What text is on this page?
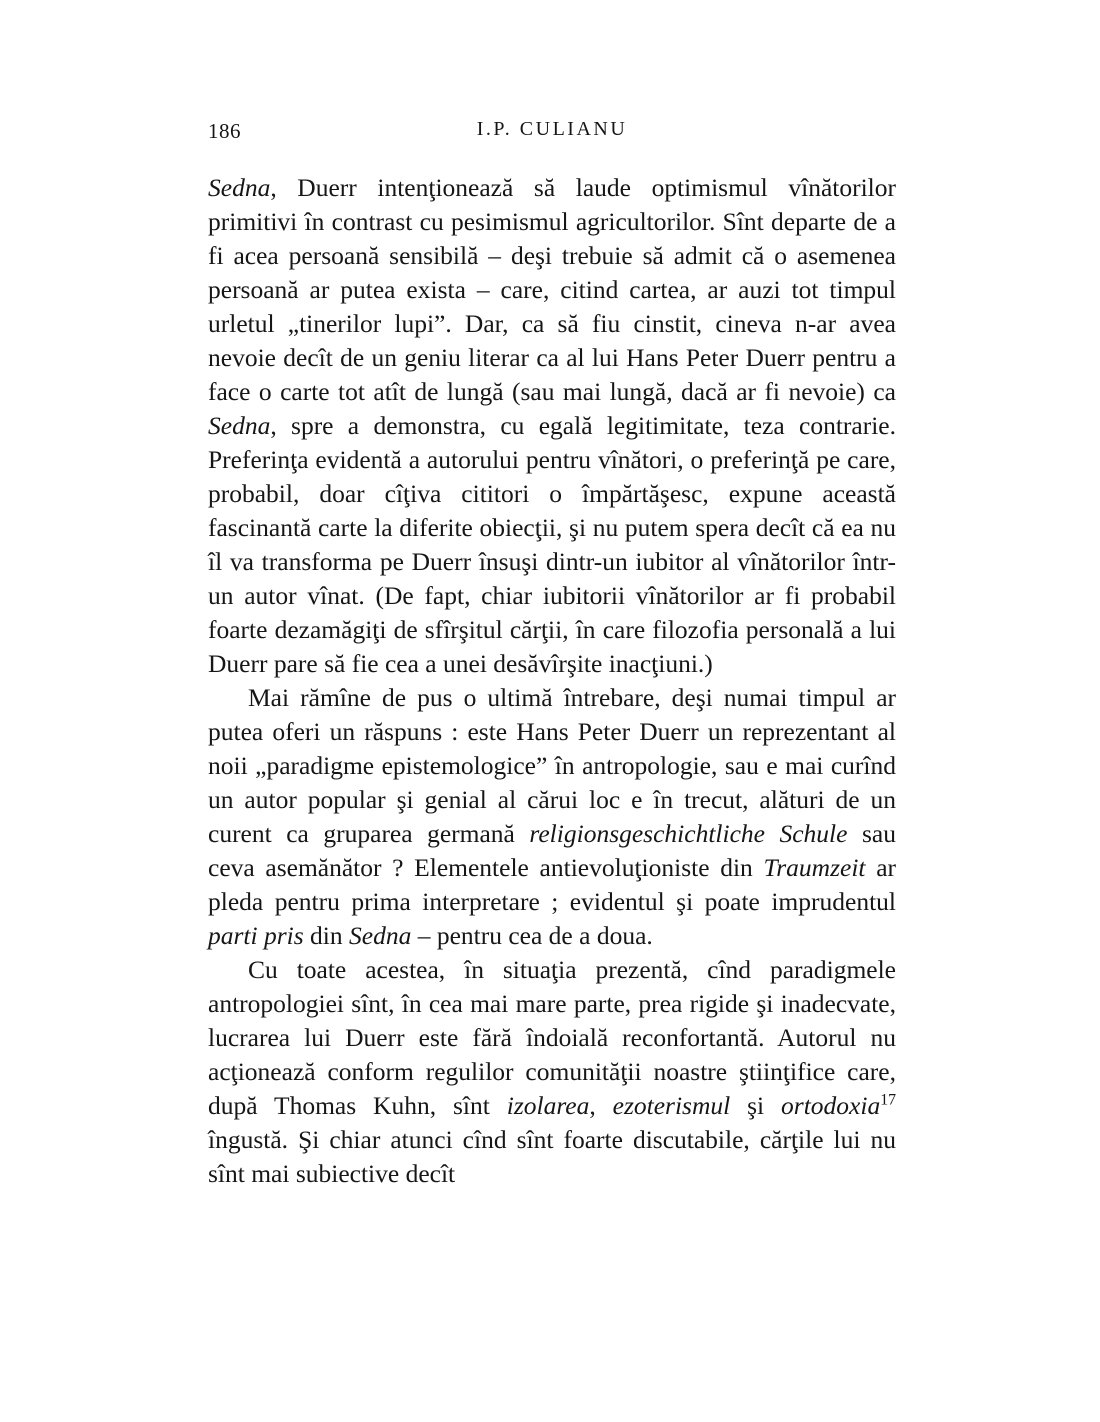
186	I.P. CULIANU

Sedna, Duerr intenţionează să laude optimismul vînătorilor primitivi în contrast cu pesimismul agricultorilor. Sînt departe de a fi acea persoană sensibilă – deşi trebuie să admit că o asemenea persoană ar putea exista – care, citind cartea, ar auzi tot timpul urletul „tinerilor lupi”. Dar, ca să fiu cinstit, cineva n-ar avea nevoie decît de un geniu literar ca al lui Hans Peter Duerr pentru a face o carte tot atît de lungă (sau mai lungă, dacă ar fi nevoie) ca Sedna, spre a demonstra, cu egală legitimitate, teza contrarie. Preferinţa evidentă a autorului pentru vînători, o preferinţă pe care, probabil, doar cîţiva cititori o împărtăşesc, expune această fascinantă carte la diferite obiecţii, şi nu putem spera decît că ea nu îl va transforma pe Duerr însuşi dintr-un iubitor al vînătorilor într-un autor vînat. (De fapt, chiar iubitorii vînătorilor ar fi probabil foarte dezamăgiţi de sfîrşitul cărţii, în care filozofia personală a lui Duerr pare să fie cea a unei desăvîrşite inacţiuni.)

Mai rămîne de pus o ultimă întrebare, deşi numai timpul ar putea oferi un răspuns : este Hans Peter Duerr un reprezentant al noii „paradigme epistemologice” în antropologie, sau e mai curînd un autor popular şi genial al cărui loc e în trecut, alături de un curent ca gruparea germană religionsgeschichtliche Schule sau ceva asemănător ? Elementele antievoluţioniste din Traumzeit ar pleda pentru prima interpretare ; evidentul şi poate imprudentul parti pris din Sedna – pentru cea de a doua.

Cu toate acestea, în situaţia prezentă, cînd paradigmele antropologiei sînt, în cea mai mare parte, prea rigide şi inadecvate, lucrarea lui Duerr este fără îndoială reconfortantă. Autorul nu acţionează conform regulilor comunităţii noastre ştiinţifice care, după Thomas Kuhn, sînt izolarea, ezoterismul şi ortodoxia$^{17}$ îngustă. Şi chiar atunci cînd sînt foarte discutabile, cărţile lui nu sînt mai subiective decît
